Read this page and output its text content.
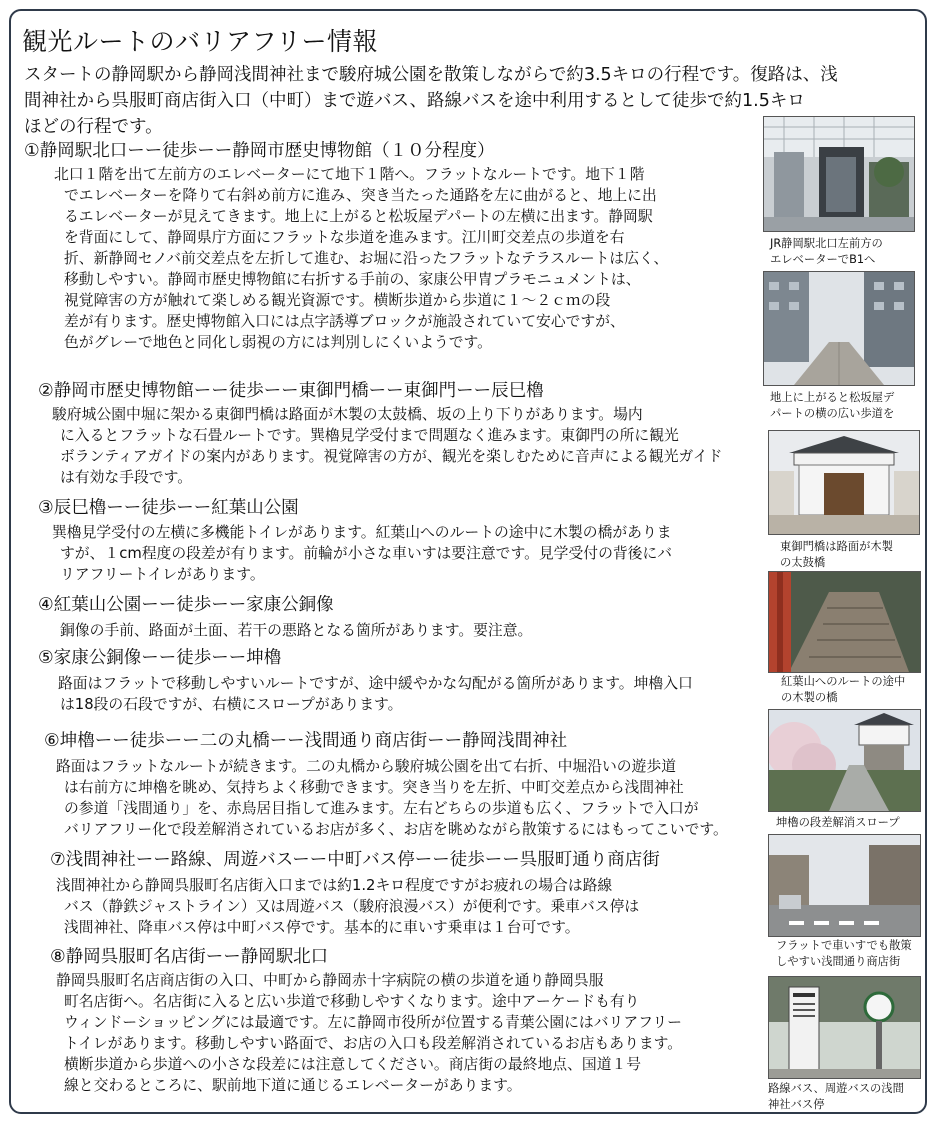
観光ルートのバリアフリー情報
スタートの静岡駅から静岡浅間神社まで駿府城公園を散策しながらで約3.5キロの行程です。復路は、浅
間神社から呉服町商店街入口（中町）まで遊バス、路線バスを途中利用するとして徒歩で約1.5キロ
ほどの行程です。
①静岡駅北口ーー徒歩ーー静岡市歴史博物館（１０分程度）
北口１階を出て左前方のエレベーターにて地下１階へ。フラットなルートです。地下１階
でエレベーターを降りて右斜め前方に進み、突き当たった通路を左に曲がると、地上に出
るエレベーターが見えてきます。地上に上がると松坂屋デパートの左横に出ます。静岡駅
を背面にして、静岡県庁方面にフラットな歩道を進みます。江川町交差点の歩道を右
折、新静岡セノバ前交差点を左折して進む、お堀に沿ったフラットなテラスルートは広く、
移動しやすい。静岡市歴史博物館に右折する手前の、家康公甲冑プラモニュメントは、
視覚障害の方が触れて楽しめる観光資源です。横断歩道から歩道に１～２ｃｍの段
差が有ります。歴史博物館入口には点字誘導ブロックが施設されていて安心ですが、
色がグレーで地色と同化し弱視の方には判別しにくいようです。
②静岡市歴史博物館ーー徒歩ーー東御門橋ーー東御門ーー辰巳櫓
駿府城公園中堀に架かる東御門橋は路面が木製の太鼓橋、坂の上り下りがあります。場内
に入るとフラットな石畳ルートです。巽櫓見学受付まで問題なく進みます。東御門の所に観光
ボランティアガイドの案内があります。視覚障害の方が、観光を楽しむために音声による観光ガイド
は有効な手段です。
③辰巳櫓ーー徒歩ーー紅葉山公園
巽櫓見学受付の左横に多機能トイレがあります。紅葉山へのルートの途中に木製の橋がありま
すが、１cm程度の段差が有ります。前輪が小さな車いすは要注意です。見学受付の背後にバ
リアフリートイレがあります。
④紅葉山公園ーー徒歩ーー家康公銅像
銅像の手前、路面が土面、若干の悪路となる箇所があります。要注意。
⑤家康公銅像ーー徒歩ーー坤櫓
路面はフラットで移動しやすいルートですが、途中緩やかな勾配がる箇所があります。坤櫓入口
は18段の石段ですが、右横にスロープがあります。
⑥坤櫓ーー徒歩ーー二の丸橋ーー浅間通り商店街ーー静岡浅間神社
路面はフラットなルートが続きます。二の丸橋から駿府城公園を出て右折、中堀沿いの遊歩道
は右前方に坤櫓を眺め、気持ちよく移動できます。突き当りを左折、中町交差点から浅間神社
の参道「浅間通り」を、赤鳥居目指して進みます。左右どちらの歩道も広く、フラットで入口が
バリアフリー化で段差解消されているお店が多く、お店を眺めながら散策するにはもってこいです。
⑦浅間神社ーー路線、周遊バスーー中町バス停ーー徒歩ーー呉服町通り商店街
浅間神社から静岡呉服町名店街入口までは約1.2キロ程度ですがお疲れの場合は路線
バス（静鉄ジャストライン）又は周遊バス（駿府浪漫バス）が便利です。乗車バス停は
浅間神社、降車バス停は中町バス停です。基本的に車いす乗車は１台可です。
⑧静岡呉服町名店街ーー静岡駅北口
静岡呉服町名店商店街の入口、中町から静岡赤十字病院の横の歩道を通り静岡呉服
町名店街へ。名店街に入ると広い歩道で移動しやすくなります。途中アーケードも有り
ウィンドーショッピングには最適です。左に静岡市役所が位置する青葉公園にはバリアフリー
トイレがあります。移動しやすい路面で、お店の入口も段差解消されているお店もあります。
横断歩道から歩道への小さな段差には注意してください。商店街の最終地点、国道１号
線と交わるところに、駅前地下道に通じるエレベーターがあります。
JR静岡駅北口左前方の
エレベーターでB1へ
地上に上がると松坂屋デ
パートの横の広い歩道を
東御門橋は路面が木製
の太鼓橋
紅葉山へのルートの途中
の木製の橋
坤櫓の段差解消スロープ
フラットで車いすでも散策
しやすい浅間通り商店街
路線バス、周遊バスの浅間
神社バス停
